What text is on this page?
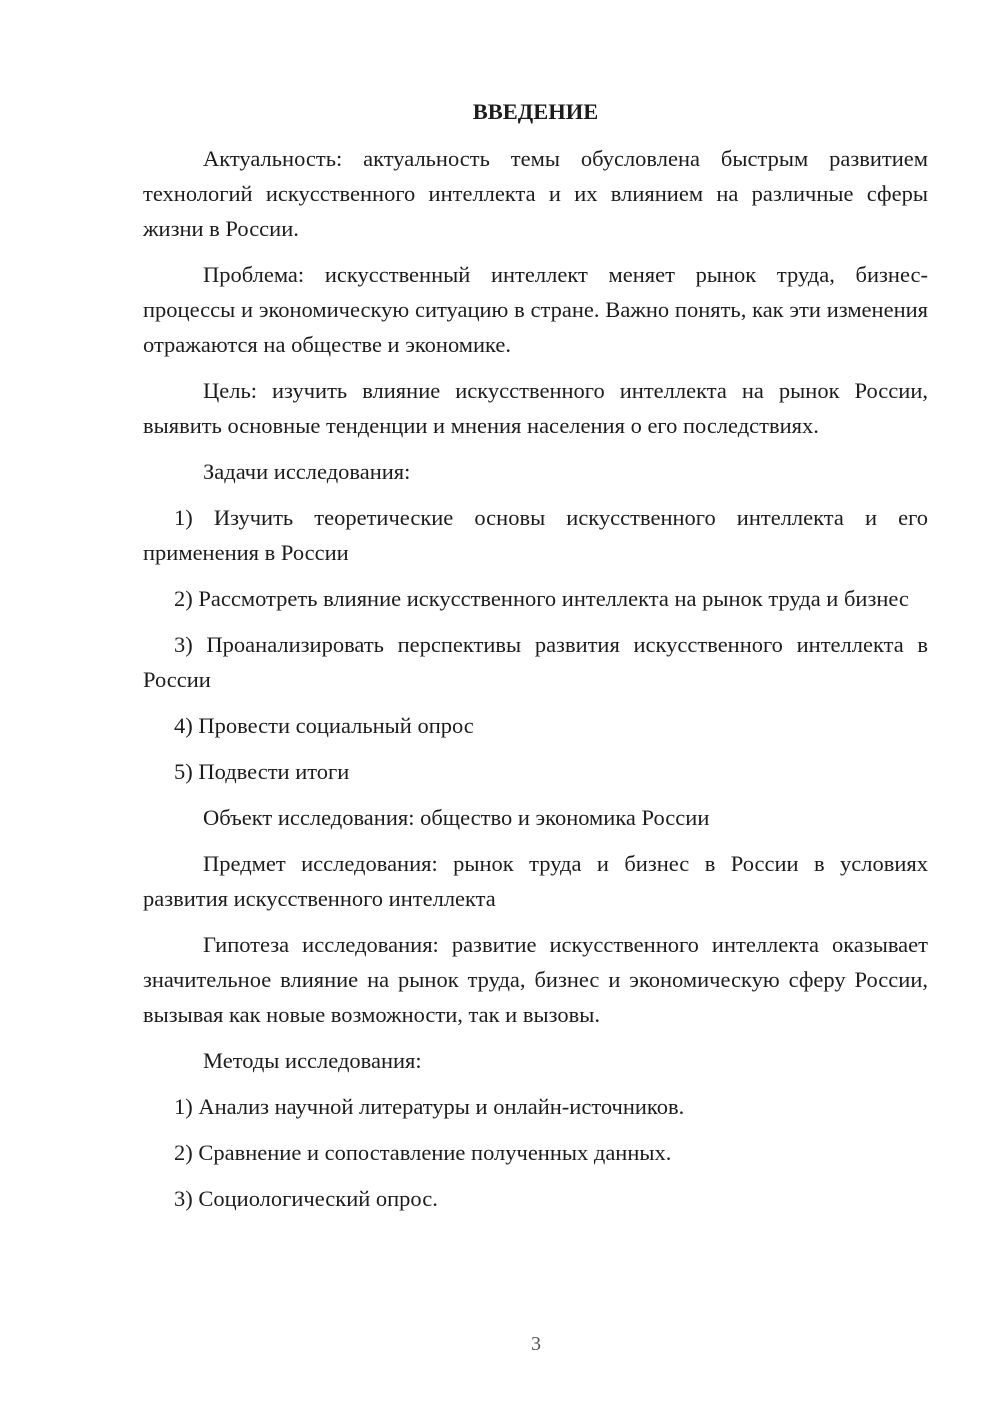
ВВЕДЕНИЕ

Актуальность: актуальность темы обусловлена быстрым развитием технологий искусственного интеллекта и их влиянием на различные сферы жизни в России.

Проблема: искусственный интеллект меняет рынок труда, бизнес-процессы и экономическую ситуацию в стране. Важно понять, как эти изменения отражаются на обществе и экономике.

Цель: изучить влияние искусственного интеллекта на рынок России, выявить основные тенденции и мнения населения о его последствиях.

Задачи исследования:

1) Изучить теоретические основы искусственного интеллекта и его применения в России

2) Рассмотреть влияние искусственного интеллекта на рынок труда и бизнес

3) Проанализировать перспективы развития искусственного интеллекта в России

4) Провести социальный опрос

5) Подвести итоги

Объект исследования: общество и экономика России

Предмет исследования: рынок труда и бизнес в России в условиях развития искусственного интеллекта

Гипотеза исследования: развитие искусственного интеллекта оказывает значительное влияние на рынок труда, бизнес и экономическую сферу России, вызывая как новые возможности, так и вызовы.

Методы исследования:

1) Анализ научной литературы и онлайн-источников.

2) Сравнение и сопоставление полученных данных.

3) Социологический опрос.

3
